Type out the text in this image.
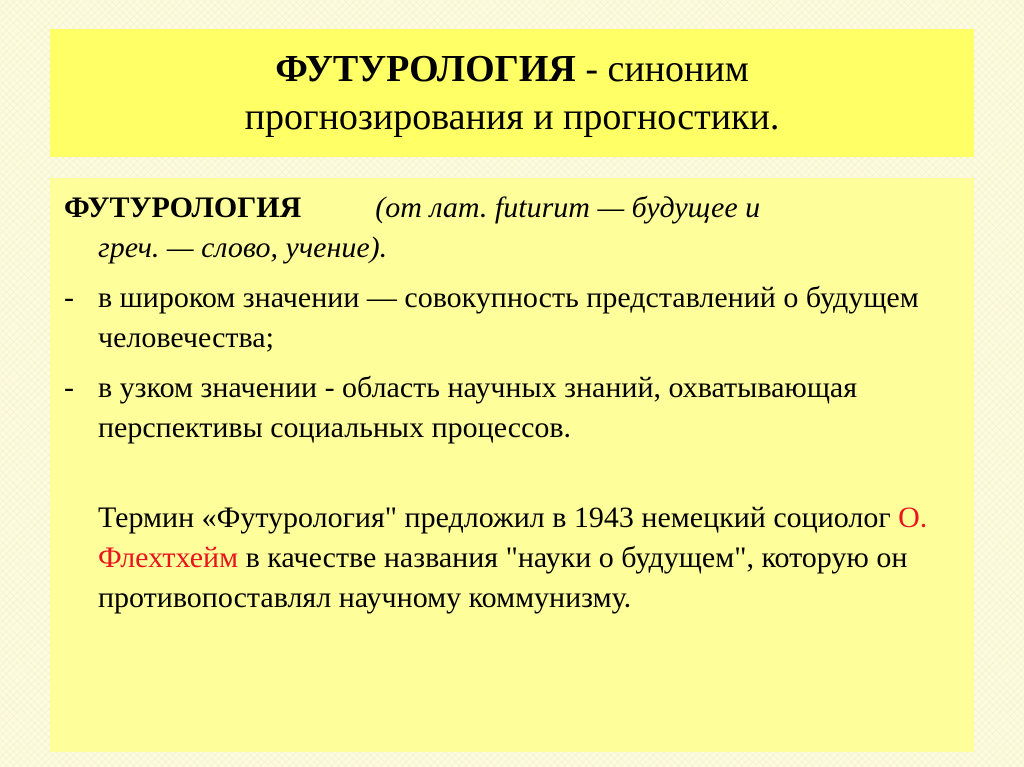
ФУТУРОЛОГИЯ - синоним
прогнозирования и прогностики.

ФУТУРОЛОГИЯ (от лат. futurum — будущее и

греч. — слово, учение).

- в широком значении — совокупность представлений о будущем человечества;
- в узком значении - область научных знаний, охватывающая перспективы социальных процессов.

Термин «Футурология" предложил в 1943 немецкий социолог О. Флехтхейм в качестве названия "науки о будущем", которую он противопоставлял научному коммунизму.
